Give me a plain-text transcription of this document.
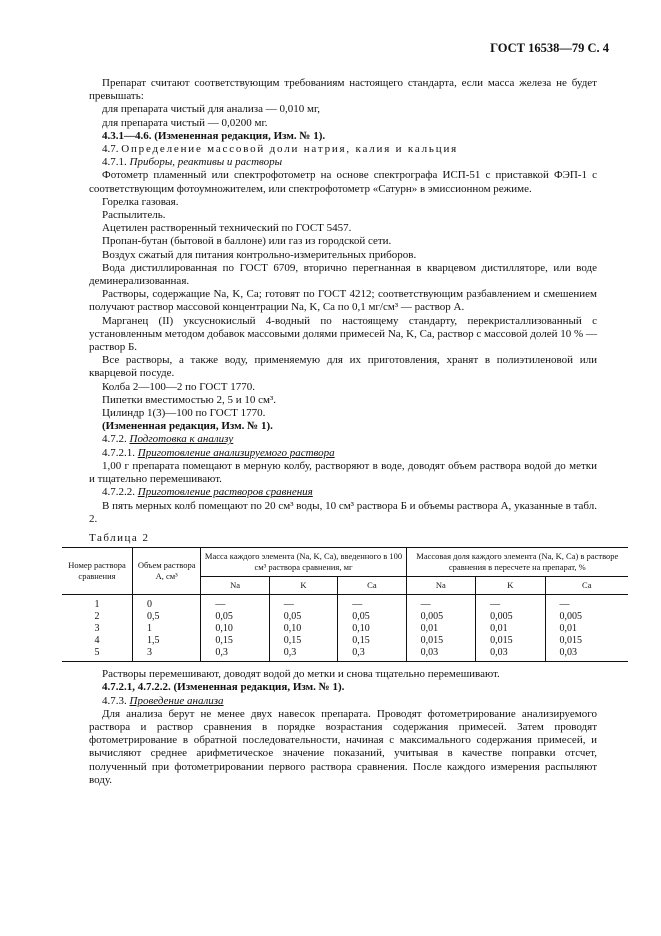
ГОСТ 16538—79 С. 4

Препарат считают соответствующим требованиям настоящего стандарта, если масса железа не будет превышать:

для препарата чистый для анализа — 0,010 мг,

для препарата чистый — 0,0200 мг.

4.3.1—4.6. (Измененная редакция, Изм. № 1).

4.7. Определение массовой доли натрия, калия и кальция

4.7.1. Приборы, реактивы и растворы

Фотометр пламенный или спектрофотометр на основе спектрографа ИСП-51 с приставкой ФЭП-1 с соответствующим фотоумножителем, или спектрофотометр «Сатурн» в эмиссионном режиме.

Горелка газовая.

Распылитель.

Ацетилен растворенный технический по ГОСТ 5457.

Пропан-бутан (бытовой в баллоне) или газ из городской сети.

Воздух сжатый для питания контрольно-измерительных приборов.

Вода дистиллированная по ГОСТ 6709, вторично перегнанная в кварцевом дистилляторе, или воде деминерализованная.

Растворы, содержащие Na, K, Ca; готовят по ГОСТ 4212; соответствующим разбавлением и смешением получают раствор массовой концентрации Na, K, Ca по 0,1 мг/см³ — раствор А.

Марганец (II) уксуснокислый 4-водный по настоящему стандарту, перекристаллизованный с установленным методом добавок массовыми долями примесей Na, K, Ca, раствор с массовой долей 10 % — раствор Б.

Все растворы, а также воду, применяемую для их приготовления, хранят в полиэтиленовой или кварцевой посуде.

Колба 2—100—2 по ГОСТ 1770.

Пипетки вместимостью 2, 5 и 10 см³.

Цилиндр 1(3)—100 по ГОСТ 1770.

(Измененная редакция, Изм. № 1).

4.7.2. Подготовка к анализу

4.7.2.1. Приготовление анализируемого раствора

1,00 г препарата помещают в мерную колбу, растворяют в воде, доводят объем раствора водой до метки и тщательно перемешивают.

4.7.2.2. Приготовление растворов сравнения

В пять мерных колб помещают по 20 см³ воды, 10 см³ раствора Б и объемы раствора А, указанные в табл. 2.

Таблица 2

Номер раствора сравнения	Объем раствора А, см³	Масса каждого элемента (Na, K, Ca), введенного в 100 см³ раствора сравнения, мг			Массовая доля каждого элемента (Na, K, Ca) в растворе сравнения в пересчете на препарат, %		
		Na	K	Ca	Na	K	Ca
1	0	—	—	—	—	—	—
2	0,5	0,05	0,05	0,05	0,005	0,005	0,005
3	1	0,10	0,10	0,10	0,01	0,01	0,01
4	1,5	0,15	0,15	0,15	0,015	0,015	0,015
5	3	0,3	0,3	0,3	0,03	0,03	0,03

Растворы перемешивают, доводят водой до метки и снова тщательно перемешивают.

4.7.2.1, 4.7.2.2. (Измененная редакция, Изм. № 1).

4.7.3. Проведение анализа

Для анализа берут не менее двух навесок препарата. Проводят фотометрирование анализируемого раствора и раствор сравнения в порядке возрастания содержания примесей. Затем проводят фотометрирование в обратной последовательности, начиная с максимального содержания примесей, и вычисляют среднее арифметическое значение показаний, учитывая в качестве поправки отсчет, полученный при фотометрировании первого раствора сравнения. После каждого измерения распыляют воду.
